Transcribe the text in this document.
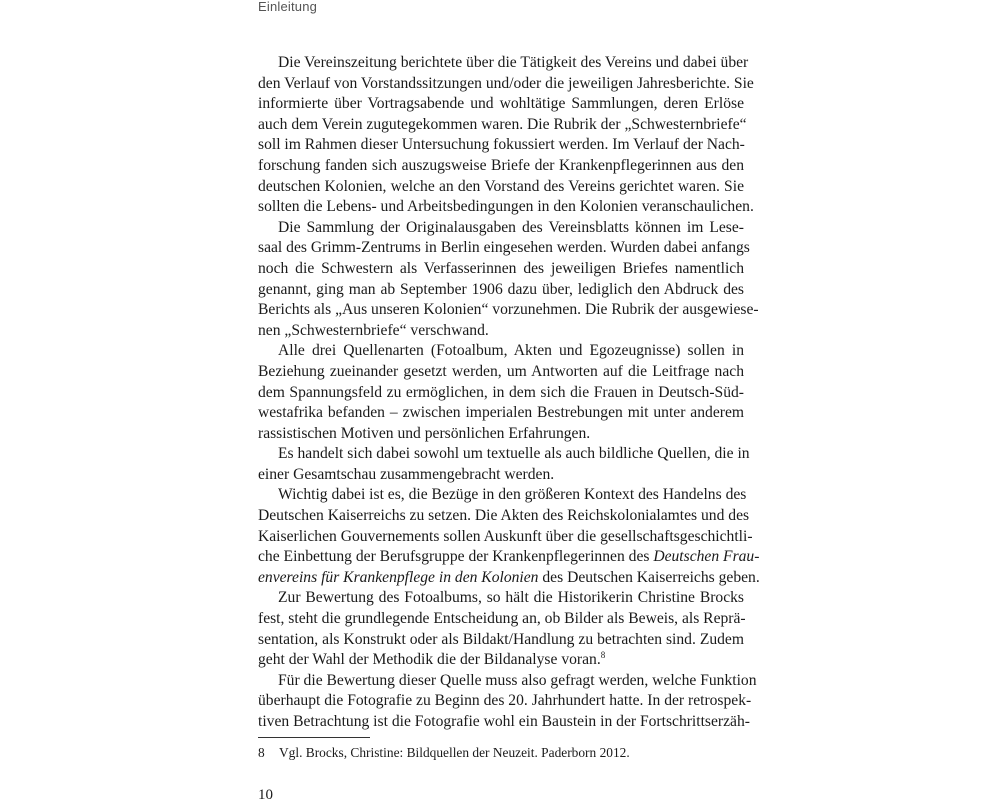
Einleitung
Die Vereinszeitung berichtete über die Tätigkeit des Vereins und dabei über
den Verlauf von Vorstandssitzungen und/oder die jeweiligen Jahresberichte. Sie
informierte über Vortragsabende und wohltätige Sammlungen, deren Erlöse
auch dem Verein zugutegekommen waren. Die Rubrik der „Schwesternbriefe“
soll im Rahmen dieser Untersuchung fokussiert werden. Im Verlauf der Nach-
forschung fanden sich auszugsweise Briefe der Krankenpflegerinnen aus den
deutschen Kolonien, welche an den Vorstand des Vereins gerichtet waren. Sie
sollten die Lebens- und Arbeitsbedingungen in den Kolonien veranschaulichen.
Die Sammlung der Originalausgaben des Vereinsblatts können im Lese-
saal des Grimm-Zentrums in Berlin eingesehen werden. Wurden dabei anfangs
noch die Schwestern als Verfasserinnen des jeweiligen Briefes namentlich
genannt, ging man ab September 1906 dazu über, lediglich den Abdruck des
Berichts als „Aus unseren Kolonien“ vorzunehmen. Die Rubrik der ausgewiese-
nen „Schwesternbriefe“ verschwand.
Alle drei Quellenarten (Fotoalbum, Akten und Egozeugnisse) sollen in
Beziehung zueinander gesetzt werden, um Antworten auf die Leitfrage nach
dem Spannungsfeld zu ermöglichen, in dem sich die Frauen in Deutsch-Süd-
westafrika befanden – zwischen imperialen Bestrebungen mit unter anderem
rassistischen Motiven und persönlichen Erfahrungen.
Es handelt sich dabei sowohl um textuelle als auch bildliche Quellen, die in
einer Gesamtschau zusammengebracht werden.
Wichtig dabei ist es, die Bezüge in den größeren Kontext des Handelns des
Deutschen Kaiserreichs zu setzen. Die Akten des Reichskolonialamtes und des
Kaiserlichen Gouvernements sollen Auskunft über die gesellschaftsgeschichtli-
che Einbettung der Berufsgruppe der Krankenpflegerinnen des Deutschen Frau-
envereins für Krankenpflege in den Kolonien des Deutschen Kaiserreichs geben.
Zur Bewertung des Fotoalbums, so hält die Historikerin Christine Brocks
fest, steht die grundlegende Entscheidung an, ob Bilder als Beweis, als Reprä-
sentation, als Konstrukt oder als Bildakt/Handlung zu betrachten sind. Zudem
geht der Wahl der Methodik die der Bildanalyse voran.$^8$
Für die Bewertung dieser Quelle muss also gefragt werden, welche Funktion
überhaupt die Fotografie zu Beginn des 20. Jahrhundert hatte. In der retrospek-
tiven Betrachtung ist die Fotografie wohl ein Baustein in der Fortschrittserzäh-
8 Vgl. Brocks, Christine: Bildquellen der Neuzeit. Paderborn 2012.
10
